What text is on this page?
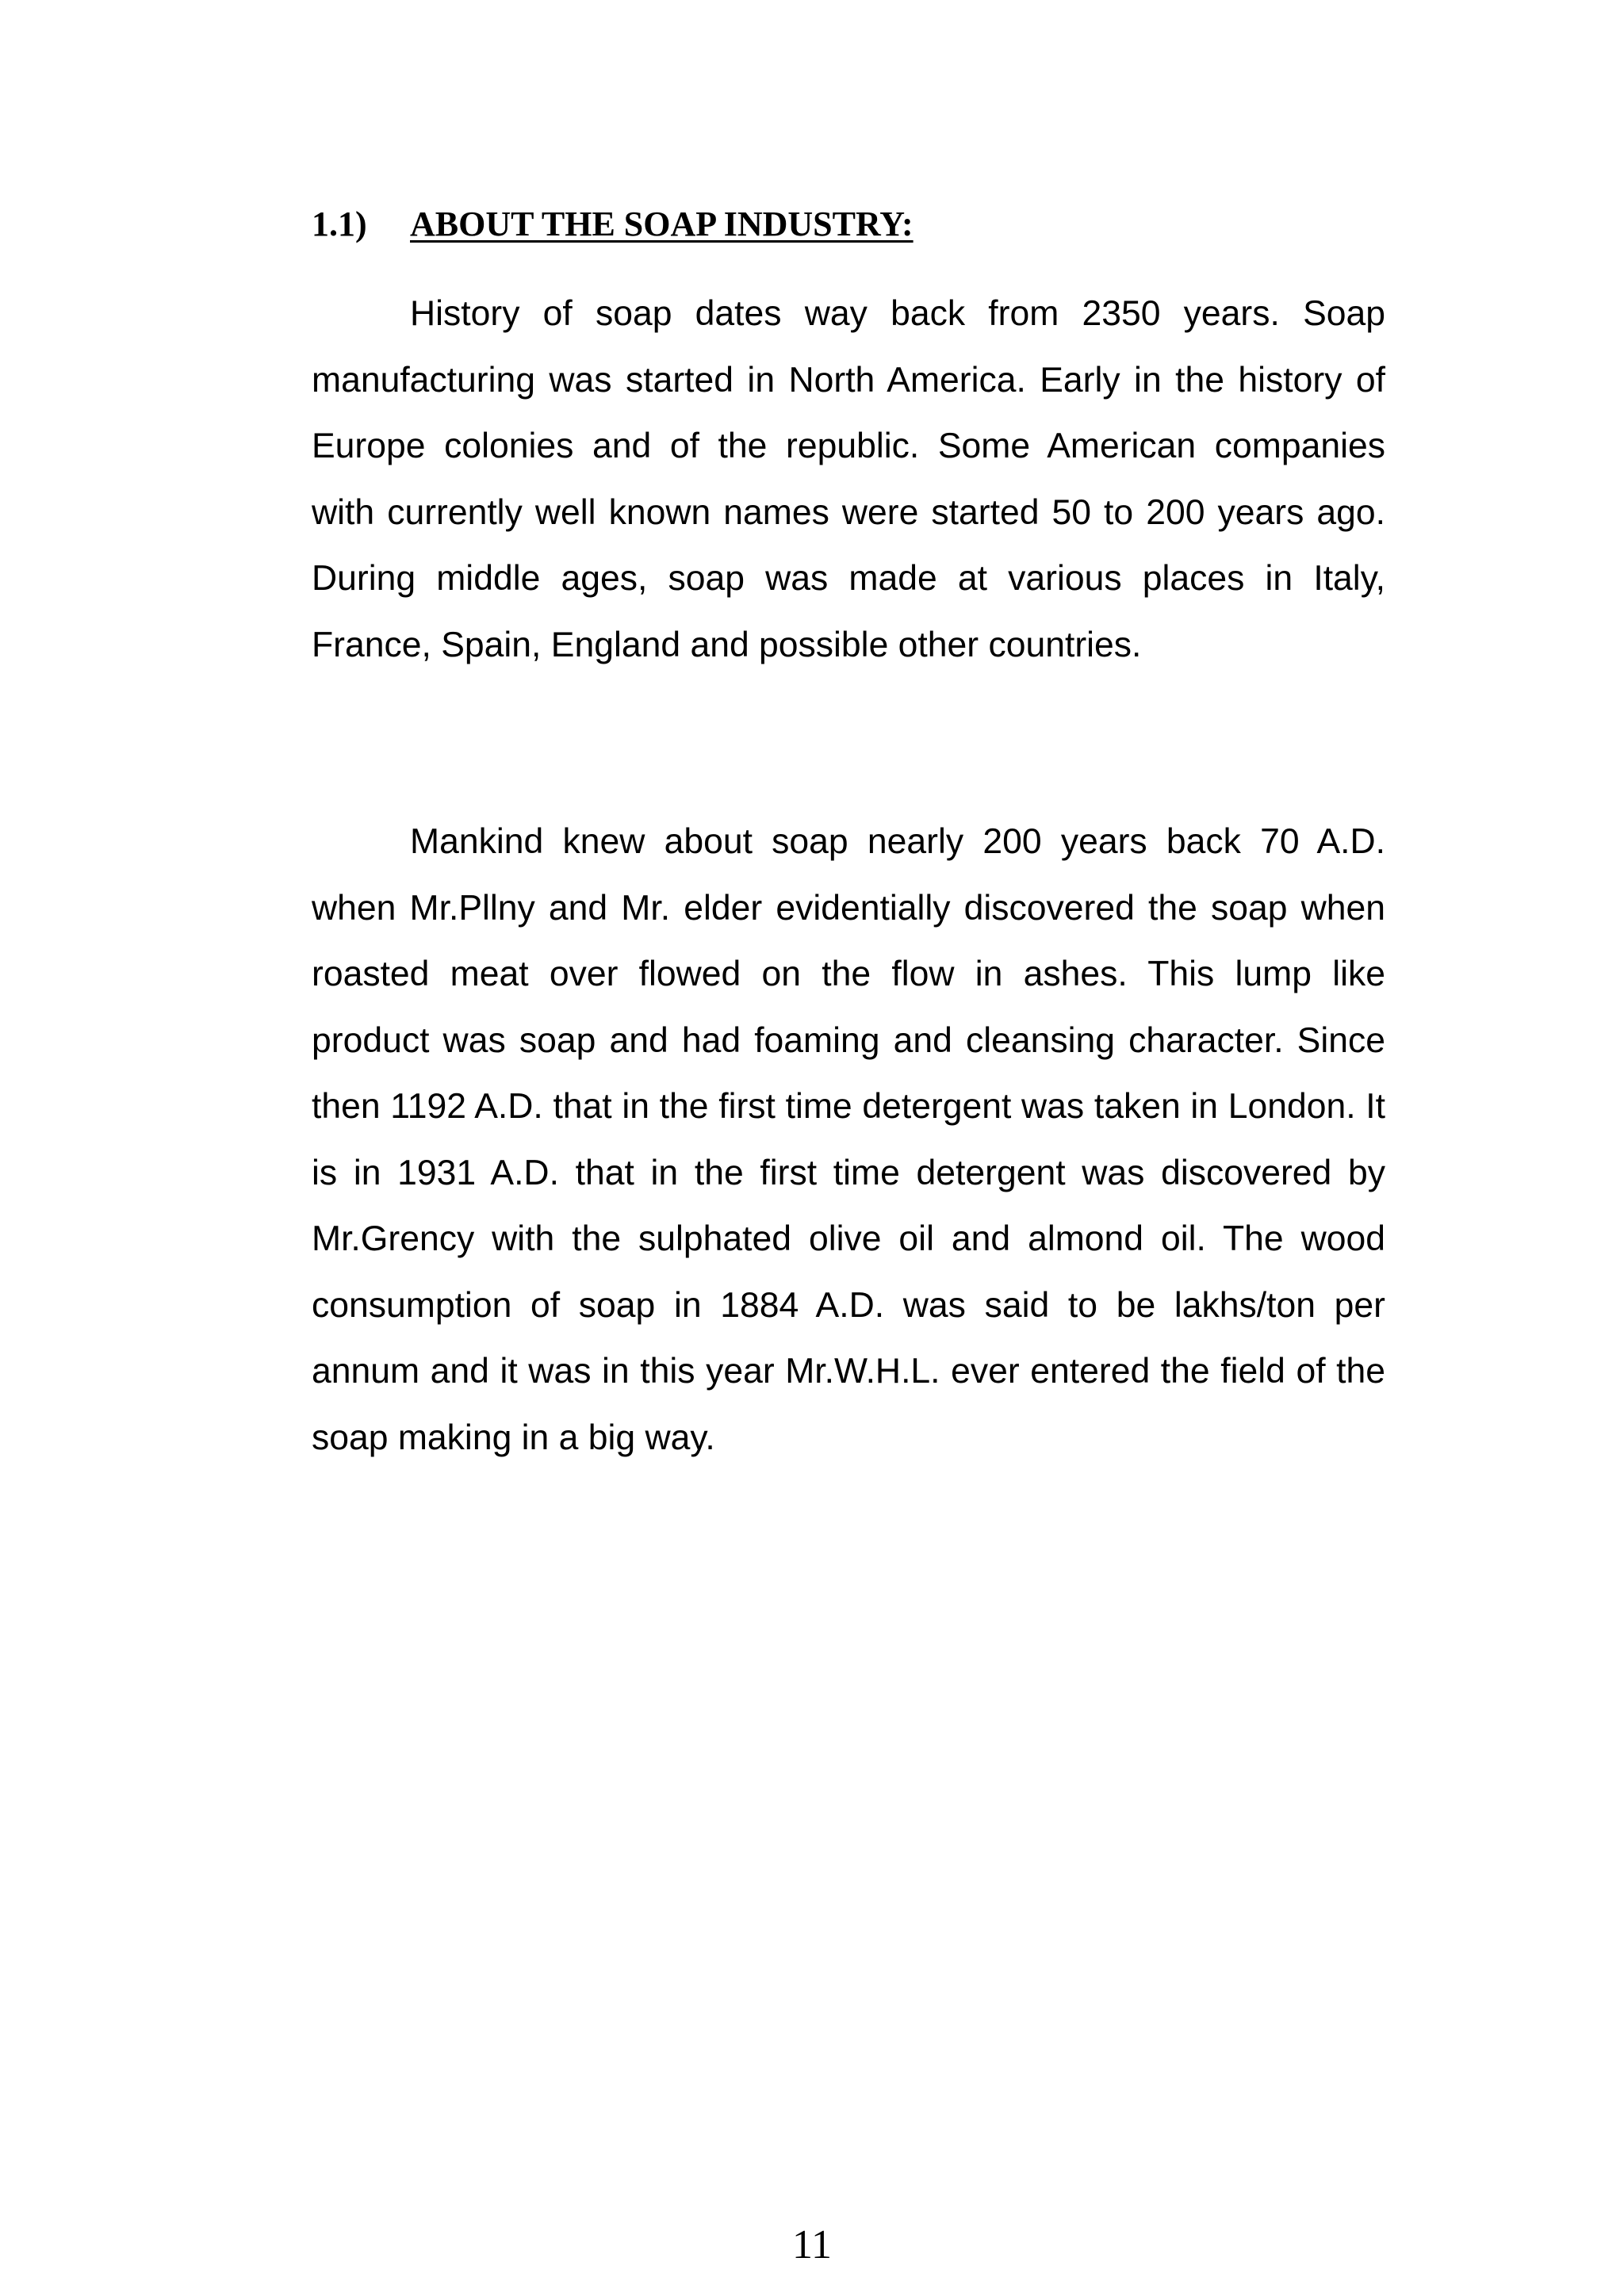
1.1) ABOUT THE SOAP INDUSTRY:

History of soap dates way back from 2350 years. Soap manufacturing was started in North America. Early in the history of Europe colonies and of the republic. Some American companies with currently well known names were started 50 to 200 years ago. During middle ages, soap was made at various places in Italy, France, Spain, England and possible other countries.

Mankind knew about soap nearly 200 years back 70 A.D. when Mr.Pllny and Mr. elder evidentially discovered the soap when roasted meat over flowed on the flow in ashes. This lump like product was soap and had foaming and cleansing character. Since then 1192 A.D. that in the first time detergent was taken in London. It is in 1931 A.D. that in the first time detergent was discovered by Mr.Grency with the sulphated olive oil and almond oil. The wood consumption of soap in 1884 A.D. was said to be lakhs/ton per annum and it was in this year Mr.W.H.L. ever entered the field of the soap making in a big way.

11
